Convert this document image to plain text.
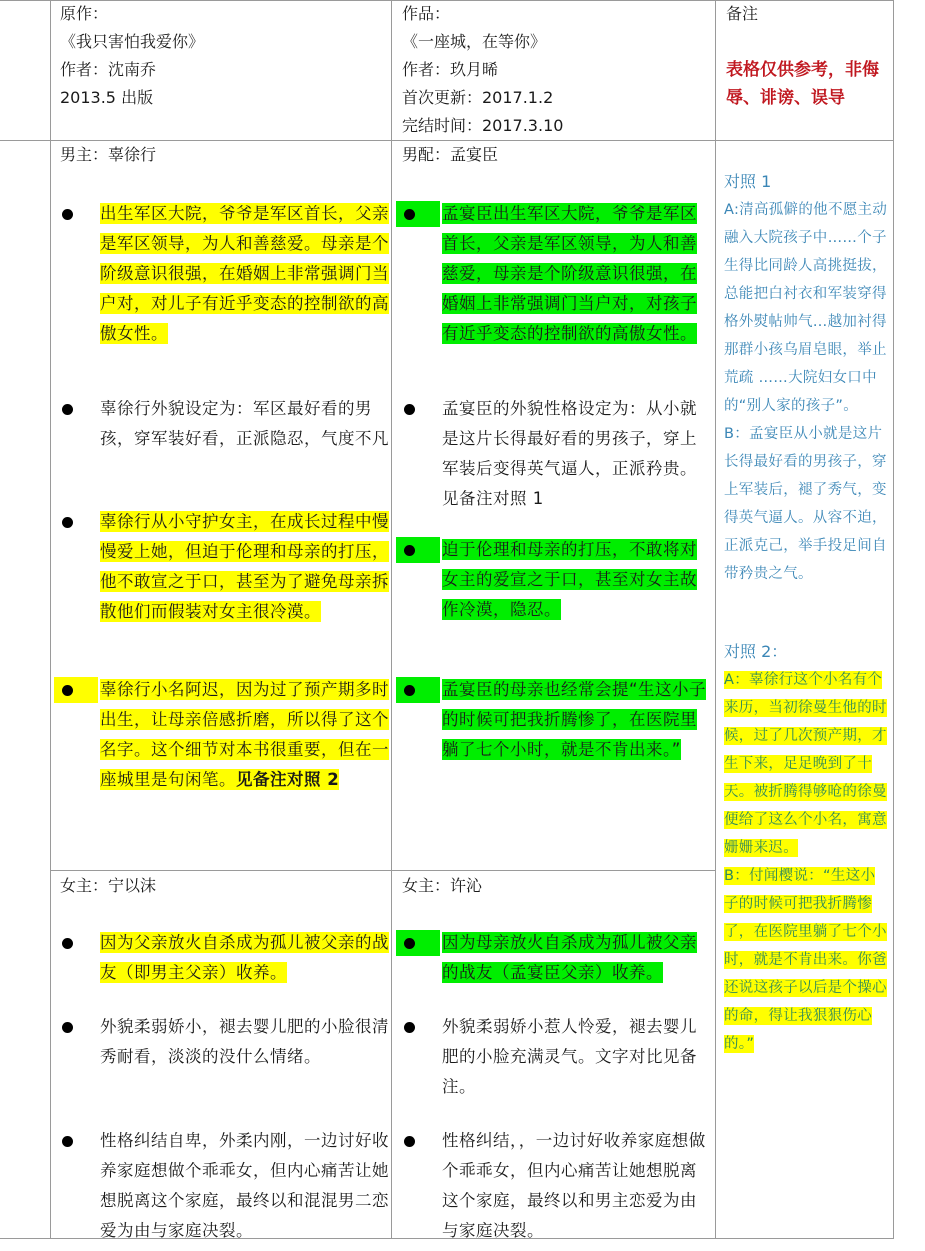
原作：
《我只害怕我爱你》
作者：沈南乔
2013.5 出版
作品：
《一座城，在等你》
作者：玖月晞
首次更新：2017.1.2
完结时间：2017.3.10
备注
表格仅供参考，非侮辱、诽谤、误导
男主：辜徐行
出生军区大院，爷爷是军区首长，父亲是军区领导，为人和善慈爱。母亲是个阶级意识很强，在婚姻上非常强调门当户对，对儿子有近乎变态的控制欲的高傲女性。
辜徐行外貌设定为：军区最好看的男孩，穿军装好看，正派隐忍，气度不凡
辜徐行从小守护女主，在成长过程中慢慢爱上她，但迫于伦理和母亲的打压，他不敢宣之于口，甚至为了避免母亲拆散他们而假装对女主很冷漠。
辜徐行小名阿迟，因为过了预产期多时出生，让母亲倍感折磨，所以得了这个名字。这个细节对本书很重要，但在一座城里是句闲笔。见备注对照 2
男配：孟宴臣
孟宴臣出生军区大院，爷爷是军区首长，父亲是军区领导，为人和善慈爱，母亲是个阶级意识很强，在婚姻上非常强调门当户对，对孩子有近乎变态的控制欲的高傲女性。
孟宴臣的外貌性格设定为：从小就是这片长得最好看的男孩子，穿上军装后变得英气逼人，正派矜贵。见备注对照 1
迫于伦理和母亲的打压，不敢将对女主的爱宣之于口，甚至对女主故作冷漠，隐忍。
孟宴臣的母亲也经常会提“生这小子的时候可把我折腾惨了，在医院里躺了七个小时，就是不肯出来。”
女主：宁以沫
因为父亲放火自杀成为孤儿被父亲的战友（即男主父亲）收养。
外貌柔弱娇小，褪去婴儿肥的小脸很清秀耐看，淡淡的没什么情绪。
性格纠结自卑，外柔内刚，一边讨好收养家庭想做个乖乖女，但内心痛苦让她想脱离这个家庭，最终以和混混男二恋爱为由与家庭决裂。
女主：许沁
因为母亲放火自杀成为孤儿被父亲的战友（孟宴臣父亲）收养。
外貌柔弱娇小惹人怜爱，褪去婴儿肥的小脸充满灵气。文字对比见备注。
性格纠结，，一边讨好收养家庭想做个乖乖女，但内心痛苦让她想脱离这个家庭，最终以和男主恋爱为由与家庭决裂。
对照 1
A:清高孤僻的他不愿主动融入大院孩子中……个子生得比同龄人高挑挺拔，总能把白衬衣和军装穿得格外熨帖帅气…越加衬得那群小孩乌眉皂眼，举止荒疏 ……大院妇女口中的“别人家的孩子”。
B：孟宴臣从小就是这片长得最好看的男孩子，穿上军装后，褪了秀气，变得英气逼人。从容不迫，正派克己，举手投足间自带矜贵之气。
对照 2：
A：辜徐行这个小名有个来历，当初徐曼生他的时候，过了几次预产期，才生下来，足足晚到了十天。被折腾得够呛的徐曼便给了这么个小名，寓意姗姗来迟。
B：付闻樱说：“生这小子的时候可把我折腾惨了，在医院里躺了七个小时，就是不肯出来。你爸还说这孩子以后是个操心的命，得让我狠狠伤心的。”
